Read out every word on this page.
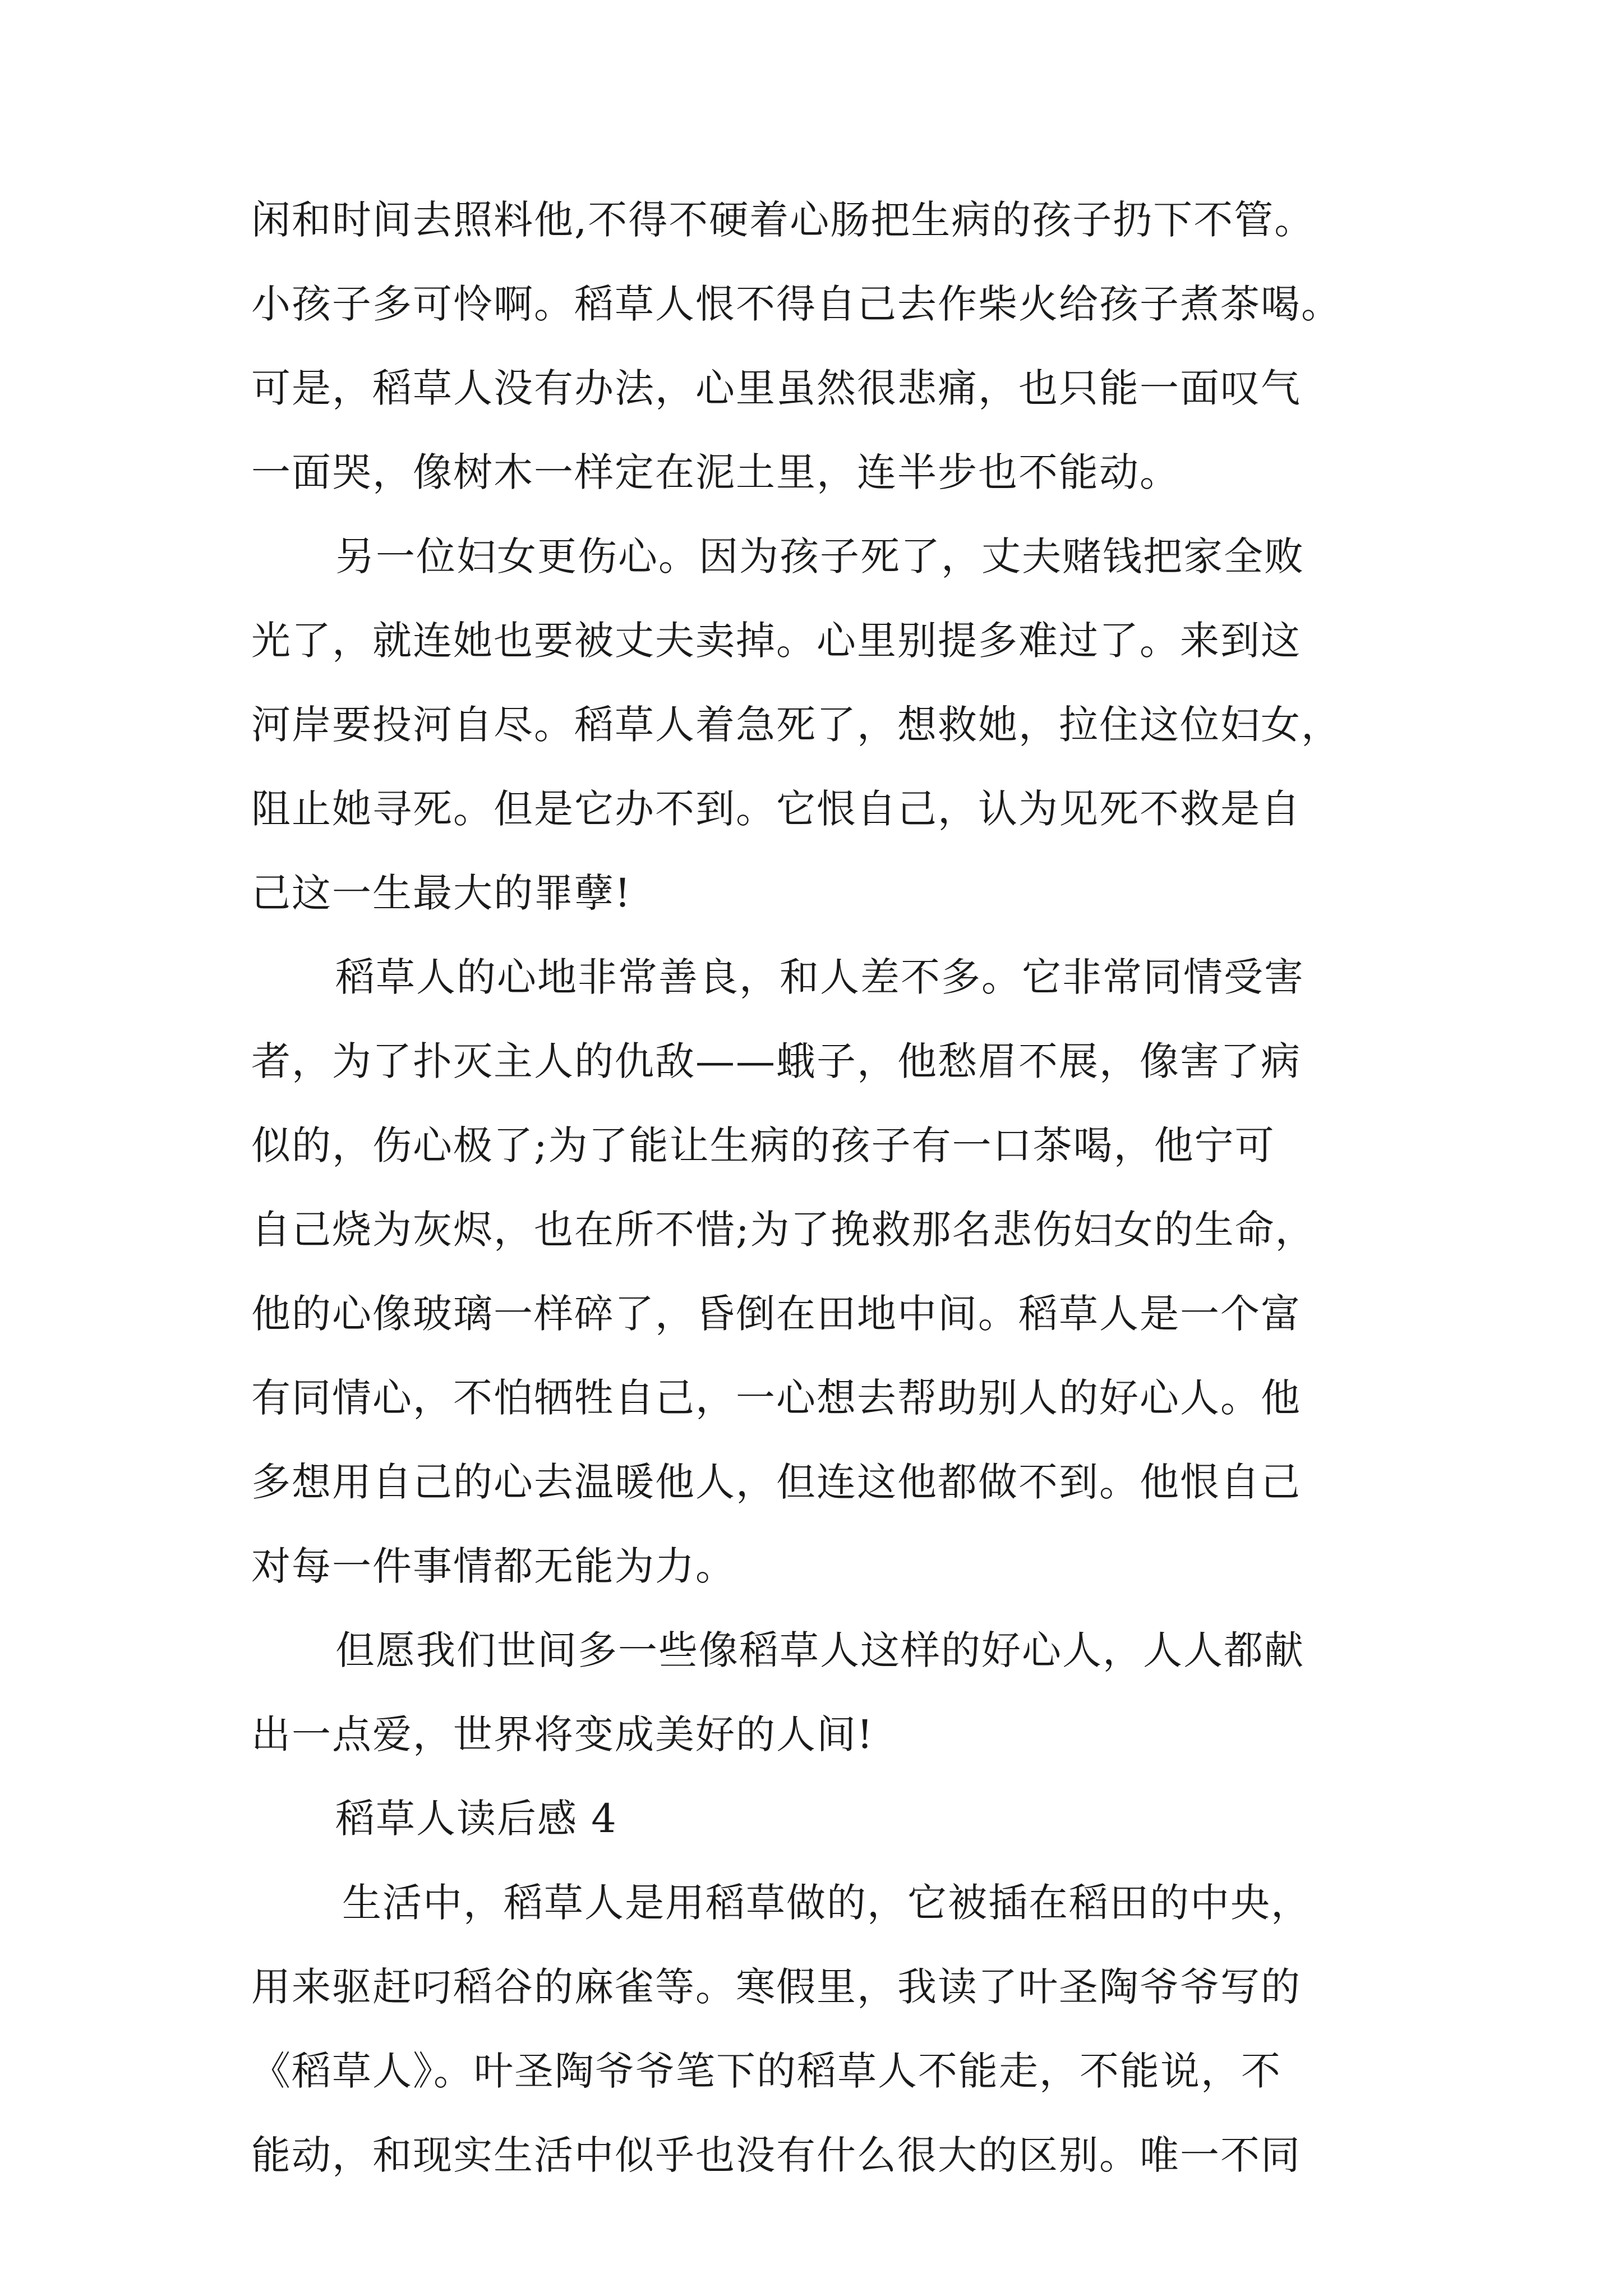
闲和时间去照料他,不得不硬着心肠把生病的孩子扔下不管。
小孩子多可怜啊。稻草人恨不得自己去作柴火给孩子煮茶喝。
可是，稻草人没有办法，心里虽然很悲痛，也只能一面叹气
一面哭，像树木一样定在泥土里，连半步也不能动。
另一位妇女更伤心。因为孩子死了，丈夫赌钱把家全败
光了，就连她也要被丈夫卖掉。心里别提多难过了。来到这
河岸要投河自尽。稻草人着急死了，想救她，拉住这位妇女，
阻止她寻死。但是它办不到。它恨自己，认为见死不救是自
己这一生最大的罪孽!
稻草人的心地非常善良，和人差不多。它非常同情受害
者，为了扑灭主人的仇敌——蛾子，他愁眉不展，像害了病
似的，伤心极了;为了能让生病的孩子有一口茶喝，他宁可
自己烧为灰烬，也在所不惜;为了挽救那名悲伤妇女的生命，
他的心像玻璃一样碎了，昏倒在田地中间。稻草人是一个富
有同情心，不怕牺牲自己，一心想去帮助别人的好心人。他
多想用自己的心去温暖他人，但连这他都做不到。他恨自己
对每一件事情都无能为力。
但愿我们世间多一些像稻草人这样的好心人，人人都献
出一点爱，世界将变成美好的人间!
稻草人读后感 4
生活中，稻草人是用稻草做的，它被插在稻田的中央，
用来驱赶叼稻谷的麻雀等。寒假里，我读了叶圣陶爷爷写的
《稻草人》。叶圣陶爷爷笔下的稻草人不能走，不能说，不
能动，和现实生活中似乎也没有什么很大的区别。唯一不同
